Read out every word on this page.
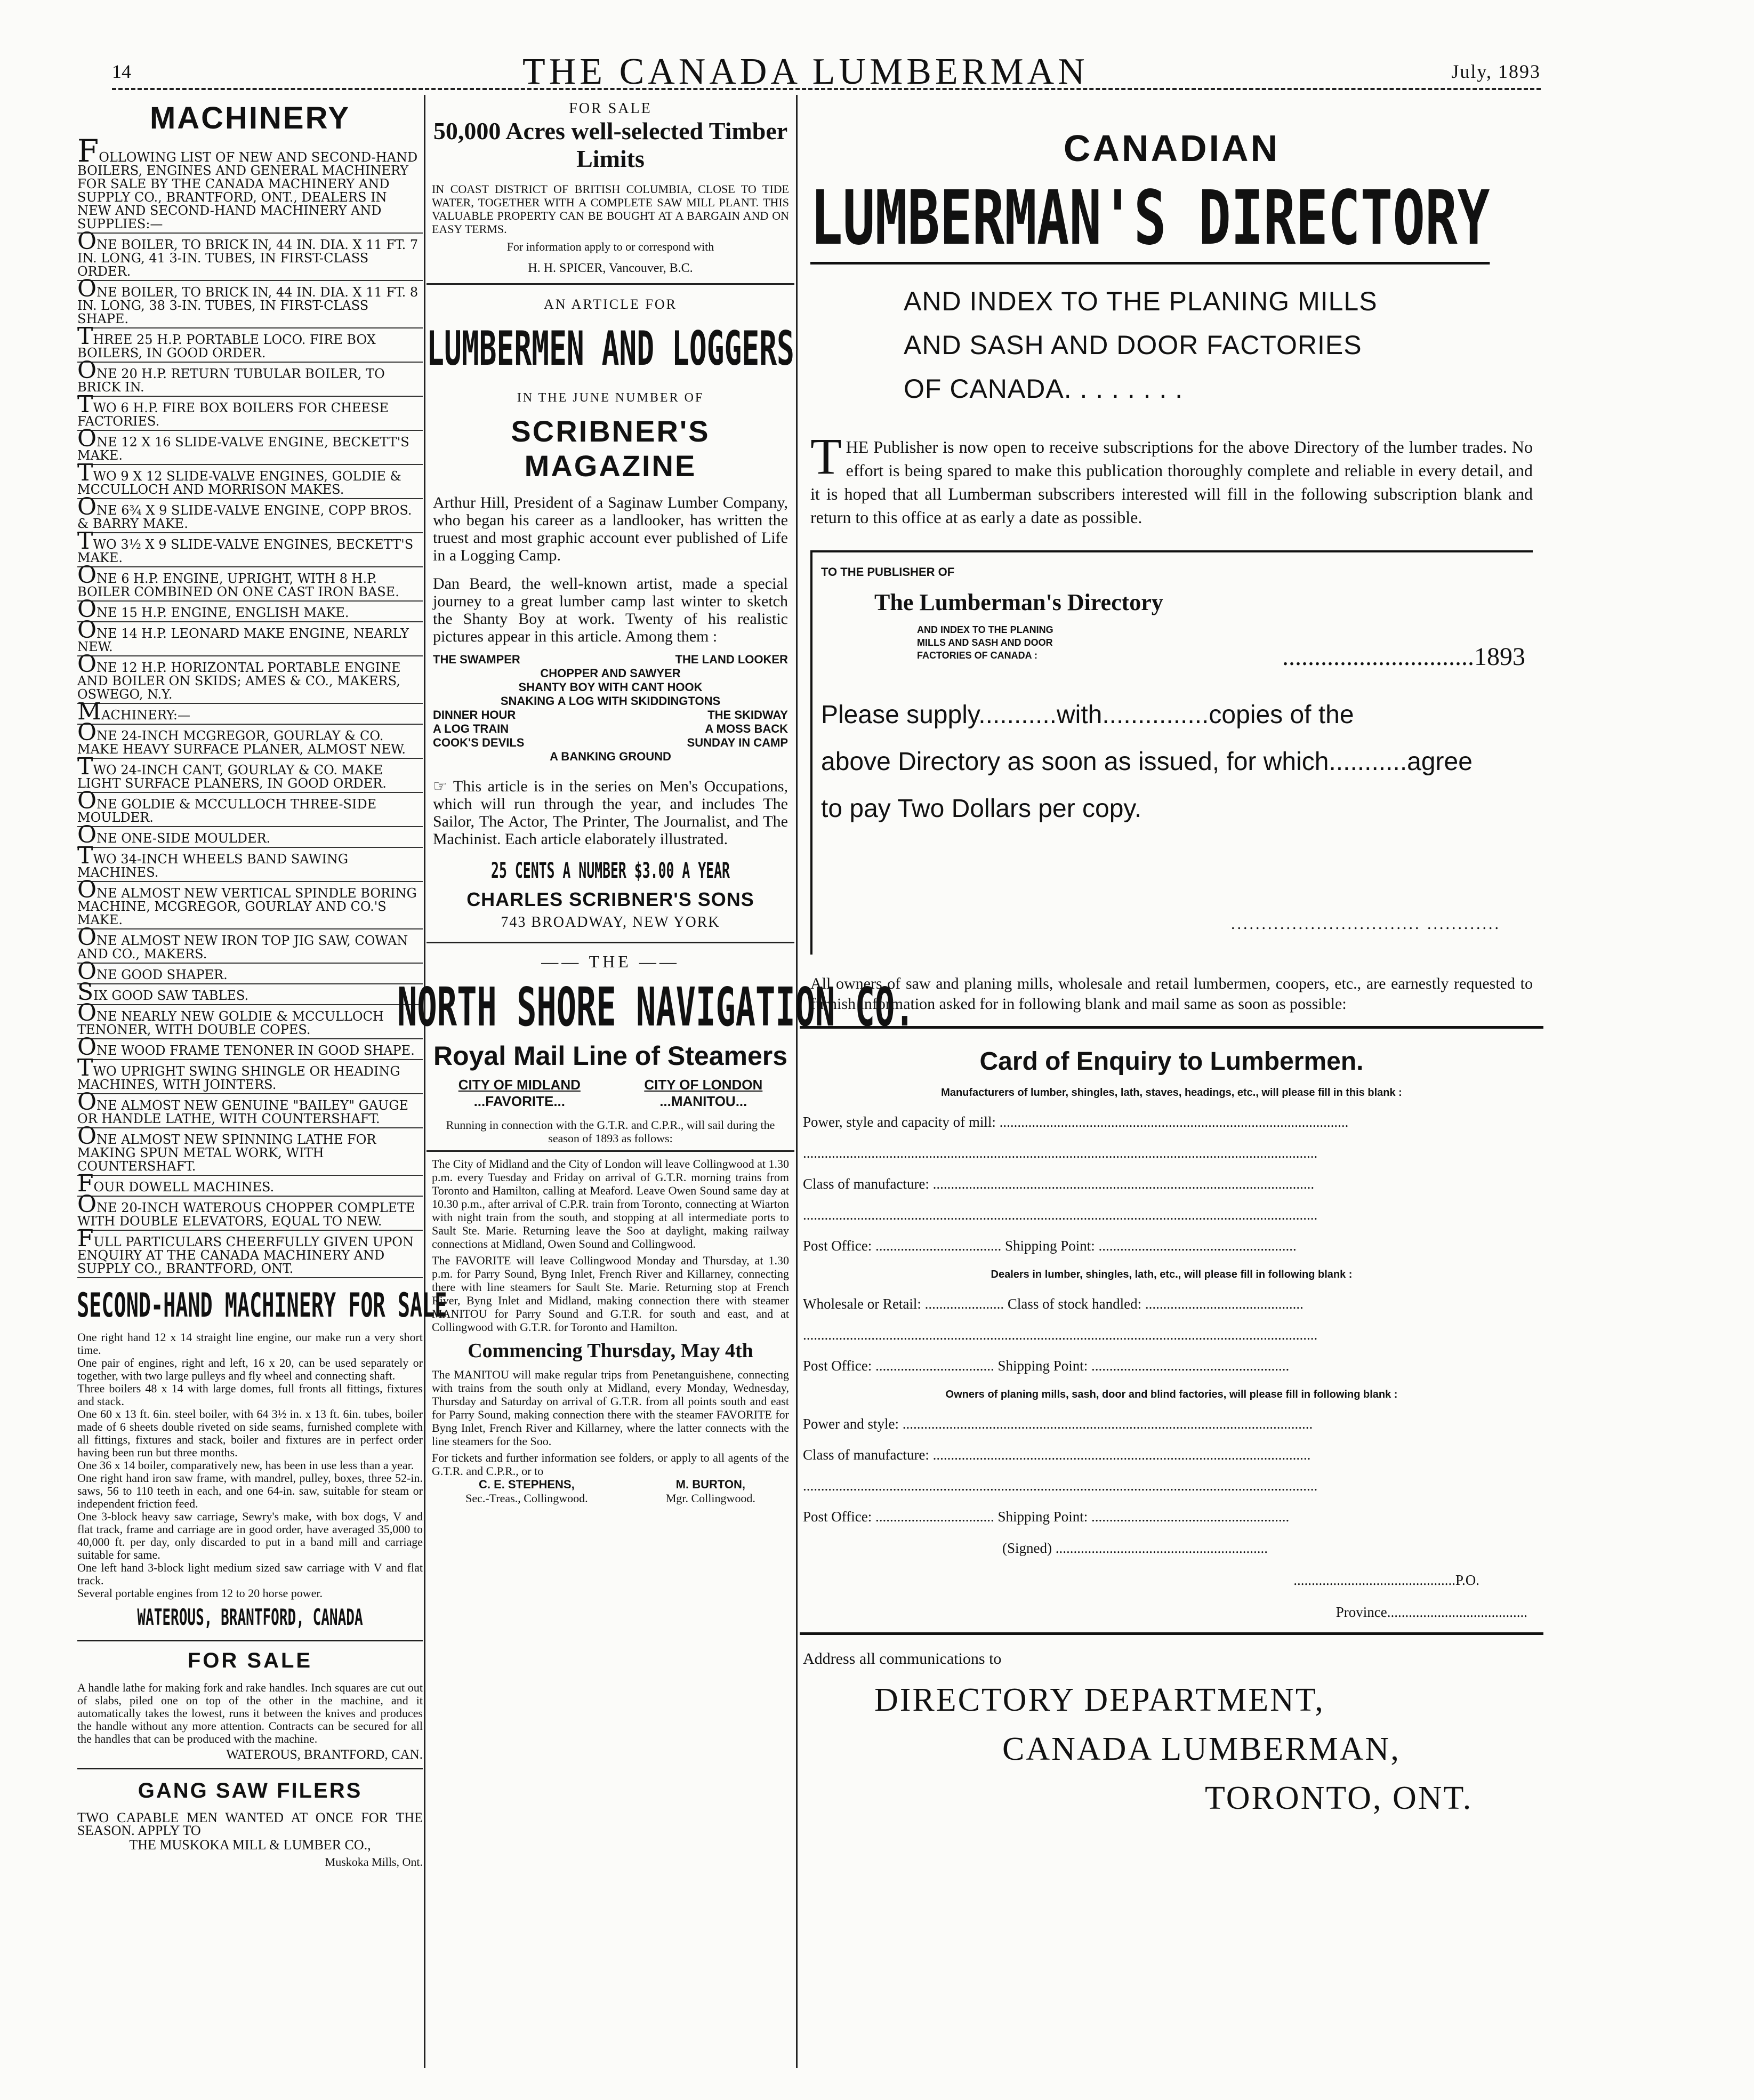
14	THE CANADA LUMBERMAN	July, 1893
MACHINERY
FOLLOWING LIST OF NEW AND SECOND-HAND BOILERS, ENGINES AND GENERAL MACHINERY FOR SALE BY THE CANADA MACHINERY AND SUPPLY CO., BRANTFORD, ONT., DEALERS IN NEW AND SECOND-HAND MACHINERY AND SUPPLIES:—
ONE BOILER, TO BRICK IN, 44 IN. DIA. X 11 FT. 7 IN. LONG, 41 3-IN. TUBES, IN FIRST-CLASS ORDER.
ONE BOILER, TO BRICK IN, 44 IN. DIA. X 11 FT. 8 IN. LONG, 38 3-IN. TUBES, IN FIRST-CLASS SHAPE.
THREE 25 H.P. PORTABLE LOCO. FIRE BOX BOILERS, IN GOOD ORDER.
ONE 20 H.P. RETURN TUBULAR BOILER, TO BRICK IN.
TWO 6 H.P. FIRE BOX BOILERS FOR CHEESE FACTORIES.
ONE 12 X 16 SLIDE-VALVE ENGINE, BECKETT'S MAKE.
TWO 9 X 12 SLIDE-VALVE ENGINES, GOLDIE & MCCULLOCH AND MORRISON MAKES.
ONE 6¾ X 9 SLIDE-VALVE ENGINE, COPP BROS. & BARRY MAKE.
TWO 3½ X 9 SLIDE-VALVE ENGINES, BECKETT'S MAKE.
ONE 6 H.P. ENGINE, UPRIGHT, WITH 8 H.P. BOILER COMBINED ON ONE CAST IRON BASE.
ONE 15 H.P. ENGINE, ENGLISH MAKE.
ONE 14 H.P. LEONARD MAKE ENGINE, NEARLY NEW.
ONE 12 H.P. HORIZONTAL PORTABLE ENGINE AND BOILER ON SKIDS; AMES & CO., MAKERS, OSWEGO, N.Y.
MACHINERY:—
ONE 24-INCH MCGREGOR, GOURLAY & CO. MAKE HEAVY SURFACE PLANER, ALMOST NEW.
TWO 24-INCH CANT, GOURLAY & CO. MAKE LIGHT SURFACE PLANERS, IN GOOD ORDER.
ONE GOLDIE & MCCULLOCH THREE-SIDE MOULDER.
ONE ONE-SIDE MOULDER.
TWO 34-INCH WHEELS BAND SAWING MACHINES.
ONE ALMOST NEW VERTICAL SPINDLE BORING MACHINE, MCGREGOR, GOURLAY AND CO.'S MAKE.
ONE ALMOST NEW IRON TOP JIG SAW, COWAN AND CO., MAKERS.
ONE GOOD SHAPER.
SIX GOOD SAW TABLES.
ONE NEARLY NEW GOLDIE & MCCULLOCH TENONER, WITH DOUBLE COPES.
ONE WOOD FRAME TENONER IN GOOD SHAPE.
TWO UPRIGHT SWING SHINGLE OR HEADING MACHINES, WITH JOINTERS.
ONE ALMOST NEW GENUINE "BAILEY" GAUGE OR HANDLE LATHE, WITH COUNTERSHAFT.
ONE ALMOST NEW SPINNING LATHE FOR MAKING SPUN METAL WORK, WITH COUNTERSHAFT.
FOUR DOWELL MACHINES.
ONE 20-INCH WATEROUS CHOPPER COMPLETE WITH DOUBLE ELEVATORS, EQUAL TO NEW.
FULL PARTICULARS CHEERFULLY GIVEN UPON ENQUIRY AT THE CANADA MACHINERY AND SUPPLY CO., BRANTFORD, ONT.
SECOND-HAND MACHINERY FOR SALE
One right hand 12 x 14 straight line engine, our make run a very short time.
One pair of engines, right and left, 16 x 20, can be used separately or together, with two large pulleys and fly wheel and connecting shaft.
Three boilers 48 x 14 with large domes, full fronts all fittings, fixtures and stack.
One 60 x 13 ft. 6in. steel boiler, with 64 3½ in. x 13 ft. 6in. tubes, boiler made of 6 sheets double riveted on side seams, furnished complete with all fittings, fixtures and stack, boiler and fixtures are in perfect order having been run but three months.
One 36 x 14 boiler, comparatively new, has been in use less than a year.
One right hand iron saw frame, with mandrel, pulley, boxes, three 52-in. saws, 56 to 110 teeth in each, and one 64-in. saw, suitable for steam or independent friction feed.
One 3-block heavy saw carriage, Sewry's make, with box dogs, V and flat track, frame and carriage are in good order, have averaged 35,000 to 40,000 ft. per day, only discarded to put in a band mill and carriage suitable for same.
One left hand 3-block light medium sized saw carriage with V and flat track.
Several portable engines from 12 to 20 horse power.
WATEROUS, BRANTFORD, CANADA
FOR SALE
A handle lathe for making fork and rake handles. Inch squares are cut out of slabs, piled one on top of the other in the machine, and it automatically takes the lowest, runs it between the knives and produces the handle without any more attention. Contracts can be secured for all the handles that can be produced with the machine.
WATEROUS, BRANTFORD, CAN.
GANG SAW FILERS
TWO CAPABLE MEN WANTED AT ONCE FOR THE SEASON. APPLY TO
THE MUSKOKA MILL & LUMBER CO.,
Muskoka Mills, Ont.
FOR SALE
50,000 Acres well-selected Timber Limits
IN COAST DISTRICT OF BRITISH COLUMBIA, CLOSE TO TIDE WATER, TOGETHER WITH A COMPLETE SAW MILL PLANT. THIS VALUABLE PROPERTY CAN BE BOUGHT AT A BARGAIN AND ON EASY TERMS.
For information apply to or correspond with
H. H. SPICER, Vancouver, B.C.
AN ARTICLE FOR
LUMBERMEN AND LOGGERS
IN THE JUNE NUMBER OF
SCRIBNER'S MAGAZINE
Arthur Hill, President of a Saginaw Lumber Company, who began his career as a landlooker, has written the truest and most graphic account ever published of Life in a Logging Camp.
Dan Beard, the well-known artist, made a special journey to a great lumber camp last winter to sketch the Shanty Boy at work. Twenty of his realistic pictures appear in this article. Among them :
THE SWAMPER	THE LAND LOOKER
CHOPPER AND SAWYER
SHANTY BOY WITH CANT HOOK
SNAKING A LOG WITH SKIDDINGTONS
DINNER HOUR	THE SKIDWAY
A LOG TRAIN	A MOSS BACK
COOK'S DEVILS	SUNDAY IN CAMP
A BANKING GROUND
☞ This article is in the series on Men's Occupations, which will run through the year, and includes The Sailor, The Actor, The Printer, The Journalist, and The Machinist. Each article elaborately illustrated.
25 CENTS A NUMBER $3.00 A YEAR
CHARLES SCRIBNER'S SONS
743 BROADWAY, NEW YORK
—— THE ——
NORTH SHORE NAVIGATION CO.
Royal Mail Line of Steamers
CITY OF MIDLAND
...FAVORITE...
CITY OF LONDON
...MANITOU...
Running in connection with the G.T.R. and C.P.R., will sail during the season of 1893 as follows:
The City of Midland and the City of London will leave Collingwood at 1.30 p.m. every Tuesday and Friday on arrival of G.T.R. morning trains from Toronto and Hamilton, calling at Meaford. Leave Owen Sound same day at 10.30 p.m., after arrival of C.P.R. train from Toronto, connecting at Wiarton with night train from the south, and stopping at all intermediate ports to Sault Ste. Marie. Returning leave the Soo at daylight, making railway connections at Midland, Owen Sound and Collingwood.
The FAVORITE will leave Collingwood Monday and Thursday, at 1.30 p.m. for Parry Sound, Byng Inlet, French River and Killarney, connecting there with line steamers for Sault Ste. Marie. Returning stop at French River, Byng Inlet and Midland, making connection there with steamer MANITOU for Parry Sound and G.T.R. for south and east, and at Collingwood with G.T.R. for Toronto and Hamilton.
Commencing Thursday, May 4th
The MANITOU will make regular trips from Penetanguishene, connecting with trains from the south only at Midland, every Monday, Wednesday, Thursday and Saturday on arrival of G.T.R. from all points south and east for Parry Sound, making connection there with the steamer FAVORITE for Byng Inlet, French River and Killarney, where the latter connects with the line steamers for the Soo.
For tickets and further information see folders, or apply to all agents of the G.T.R. and C.P.R., or to
C. E. STEPHENS,
Sec.-Treas., Collingwood.
M. BURTON,
Mgr. Collingwood.
CANADIAN
LUMBERMAN'S DIRECTORY
AND INDEX TO THE PLANING MILLS
AND SASH AND DOOR FACTORIES
OF CANADA. . . . . . . .
THE Publisher is now open to receive subscriptions for the above Directory of the lumber trades. No effort is being spared to make this publication thoroughly complete and reliable in every detail, and it is hoped that all Lumberman subscribers interested will fill in the following subscription blank and return to this office at as early a date as possible.
TO THE PUBLISHER OF
The Lumberman's Directory
AND INDEX TO THE PLANING
MILLS AND SASH AND DOOR
FACTORIES OF CANADA :	..............................1893
Please supply...........with...............copies of the
above Directory as soon as issued, for which...........agree
to pay Two Dollars per copy.
............................... ............
All owners of saw and planing mills, wholesale and retail lumbermen, coopers, etc., are earnestly requested to furnish information asked for in following blank and mail same as soon as possible:
Card of Enquiry to Lumbermen.
Manufacturers of lumber, shingles, lath, staves, headings, etc., will please fill in this blank :
Power, style and capacity of mill: .................................................................................................
...............................................................................................................................................
Class of manufacture: ..........................................................................................................
...............................................................................................................................................
Post Office: ................................... Shipping Point: .......................................................
Dealers in lumber, shingles, lath, etc., will please fill in following blank :
Wholesale or Retail: ...................... Class of stock handled: ............................................
...............................................................................................................................................
Post Office: ................................. Shipping Point: .......................................................
Owners of planing mills, sash, door and blind factories, will please fill in following blank :
Power and style: ..................................................................................................................
Class of manufacture: .........................................................................................................
...............................................................................................................................................
Post Office: ................................. Shipping Point: .......................................................
(Signed) ...........................................................
.............................................P.O.
Province.......................................
Address all communications to
DIRECTORY DEPARTMENT,
CANADA LUMBERMAN,
TORONTO, ONT.
